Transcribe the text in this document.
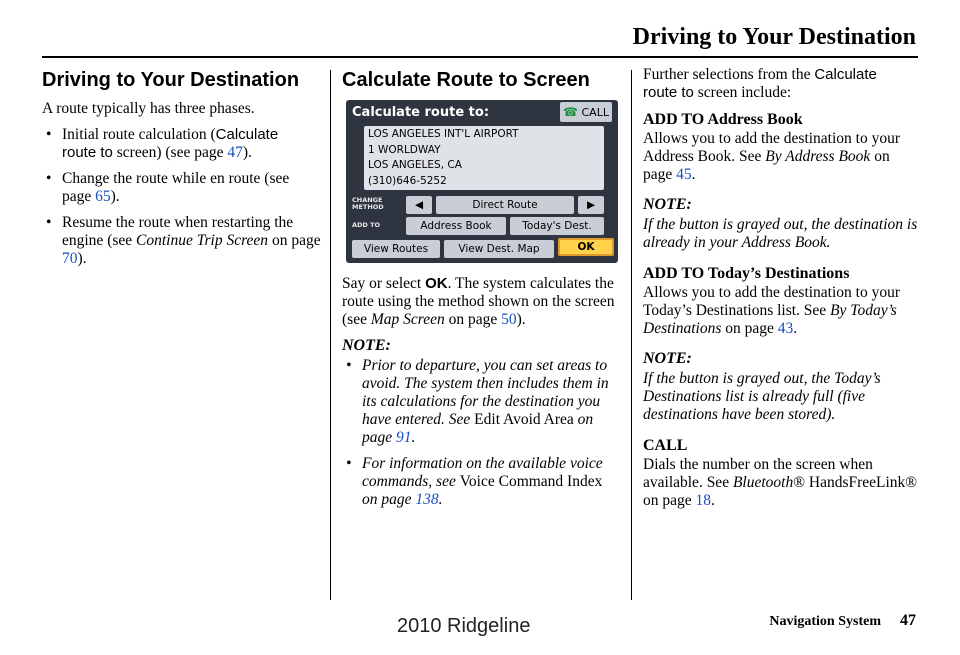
Driving to Your Destination
Driving to Your Destination

A route typically has three phases.

• Initial route calculation (Calculate
route to screen) (see page 47).
• Change the route while en route (see page 65).
• Resume the route when restarting the engine (see Continue Trip Screen on page 70).
Calculate Route to Screen
Calculate route to:	☎ CALL
LOS ANGELES INT'L AIRPORT
1 WORLDWAY
LOS ANGELES, CA
(310)646-5252
CHANGE
METHOD	◀	Direct Route	▶
ADD TO	Address Book	Today's Dest.
View Routes	View Dest. Map	OK

Say or select OK. The system calculates the route using the method shown on the screen (see Map Screen on page 50).

NOTE:
• Prior to departure, you can set areas to avoid. The system then includes them in its calculations for the destination you have entered. See Edit Avoid Area on page 91.
• For information on the available voice commands, see Voice Command Index on page 138.

Further selections from the Calculate
route to screen include:

ADD TO Address Book

Allows you to add the destination to your Address Book. See By Address Book on page 45.

NOTE:

If the button is grayed out, the destination is already in your Address Book.

ADD TO Today’s Destinations

Allows you to add the destination to your Today’s Destinations list. See By Today’s Destinations on page 43.

NOTE:

If the button is grayed out, the Today’s Destinations list is already full (five destinations have been stored).

CALL

Dials the number on the screen when available. See Bluetooth® HandsFreeLink® on page 18.

Navigation System 47
2010 Ridgeline
